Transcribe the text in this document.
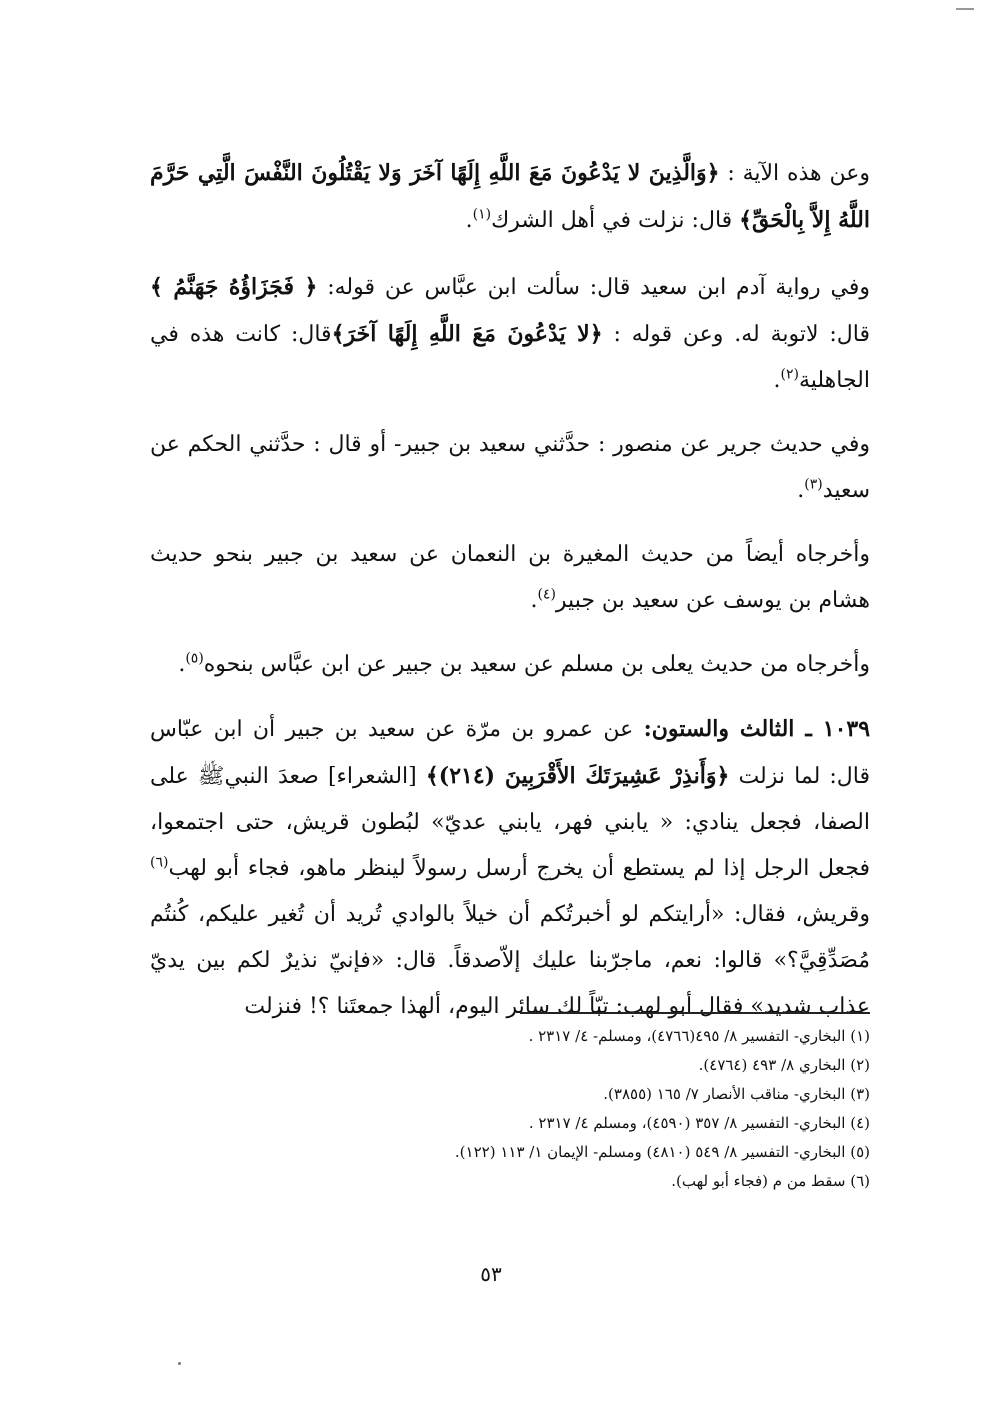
وعن هذه الآية : ﴿وَالَّذِينَ لا يَدْعُونَ مَعَ اللَّهِ إِلَهًا آخَرَ وَلا يَقْتُلُونَ النَّفْسَ الَّتِي حَرَّمَ اللَّهُ إِلاَّ بِالْحَقِّ﴾ قال: نزلت في أهل الشرك$^{(١)}$.

وفي رواية آدم ابن سعيد قال: سألت ابن عبَّاس عن قوله: ﴿ فَجَزَاؤُهُ جَهَنَّمُ ﴾ قال: لاتوبة له. وعن قوله : ﴿لا يَدْعُونَ مَعَ اللَّهِ إِلَهًا آخَرَ﴾قال: كانت هذه في الجاهلية$^{(٢)}$.

وفي حديث جرير عن منصور : حدَّثني سعيد بن جبير- أو قال : حدَّثني الحكم عن سعيد$^{(٣)}$.

وأخرجاه أيضاً من حديث المغيرة بن النعمان عن سعيد بن جبير بنحو حديث هشام بن يوسف عن سعيد بن جبير$^{(٤)}$.

وأخرجاه من حديث يعلى بن مسلم عن سعيد بن جبير عن ابن عبَّاس بنحوه$^{(٥)}$.

١٠٣٩ ـ الثالث والستون: عن عمرو بن مرّة عن سعيد بن جبير أن ابن عبّاس قال: لما نزلت ﴿وَأَنذِرْ عَشِيرَتَكَ الأَقْرَبِينَ (٢١٤)﴾ [الشعراء] صعدَ النبيﷺ على الصفا، فجعل ينادي: « يابني فهر، يابني عديّ» لبُطون قريش، حتى اجتمعوا، فجعل الرجل إذا لم يستطع أن يخرج أرسل رسولاً لينظر ماهو، فجاء أبو لهب$^{(٦)}$ وقريش، فقال: «أرايتكم لو أخبرتُكم أن خيلاً بالوادي تُريد أن تُغير عليكم، كُنتُم مُصَدِّقِيَّ؟» قالوا: نعم، ماجرّبنا عليك إلاّصدقاً. قال: «فإنيّ نذيرٌ لكم بين يديّ عذاب شديد» فقال أبو لهب: تبّاً لك سائر اليوم، ألهذا جمعتَنا ؟! فنزلت

(١) البخاري- التفسير ٨/ ٤٩٥(٤٧٦٦)، ومسلم- ٤/ ٢٣١٧ .

(٢) البخاري ٨/ ٤٩٣ (٤٧٦٤).

(٣) البخاري- مناقب الأنصار ٧/ ١٦٥ (٣٨٥٥).

(٤) البخاري- التفسير ٨/ ٣٥٧ (٤٥٩٠)، ومسلم ٤/ ٢٣١٧ .

(٥) البخاري- التفسير ٨/ ٥٤٩ (٤٨١٠) ومسلم- الإيمان ١/ ١١٣ (١٢٢).

(٦) سقط من م (فجاء أبو لهب).

٥٣
